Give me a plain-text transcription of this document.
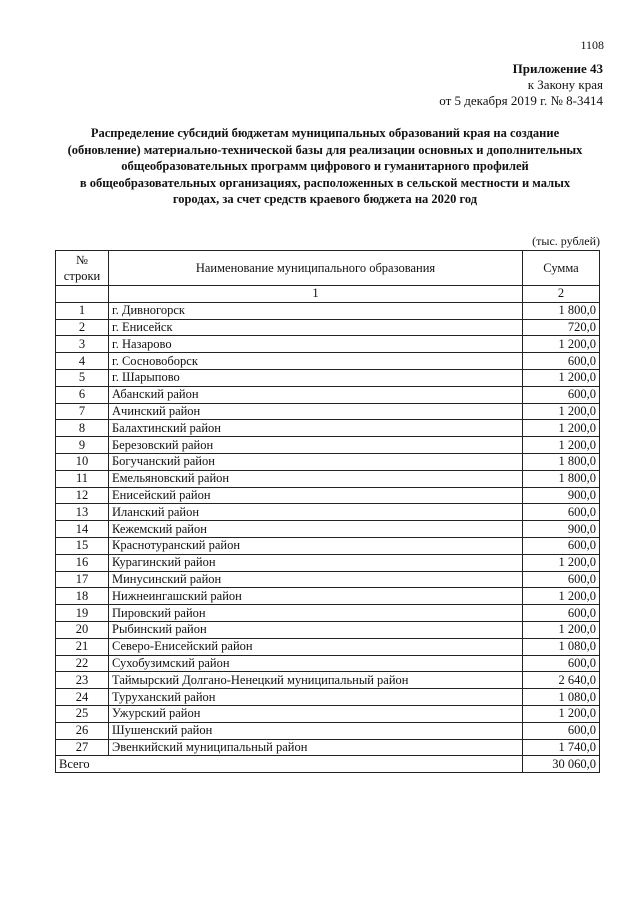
1108
Приложение 43
к Закону края
от 5 декабря 2019 г. № 8-3414
Распределение субсидий бюджетам муниципальных образований края на создание
(обновление) материально-технической базы для реализации основных и дополнительных
общеобразовательных программ цифрового и гуманитарного профилей
в общеобразовательных организациях, расположенных в сельской местности и малых
городах, за счет средств краевого бюджета на 2020 год
(тыс. рублей)
№ строки	Наименование муниципального образования	Сумма
	1	2
1	г. Дивногорск	1 800,0
2	г. Енисейск	720,0
3	г. Назарово	1 200,0
4	г. Сосновоборск	600,0
5	г. Шарыпово	1 200,0
6	Абанский район	600,0
7	Ачинский район	1 200,0
8	Балахтинский район	1 200,0
9	Березовский район	1 200,0
10	Богучанский район	1 800,0
11	Емельяновский район	1 800,0
12	Енисейский район	900,0
13	Иланский район	600,0
14	Кежемский район	900,0
15	Краснотуранский район	600,0
16	Курагинский район	1 200,0
17	Минусинский район	600,0
18	Нижнеингашский район	1 200,0
19	Пировский район	600,0
20	Рыбинский район	1 200,0
21	Северо-Енисейский район	1 080,0
22	Сухобузимский район	600,0
23	Таймырский Долгано-Ненецкий муниципальный район	2 640,0
24	Туруханский район	1 080,0
25	Ужурский район	1 200,0
26	Шушенский район	600,0
27	Эвенкийский муниципальный район	1 740,0
Всего		30 060,0
